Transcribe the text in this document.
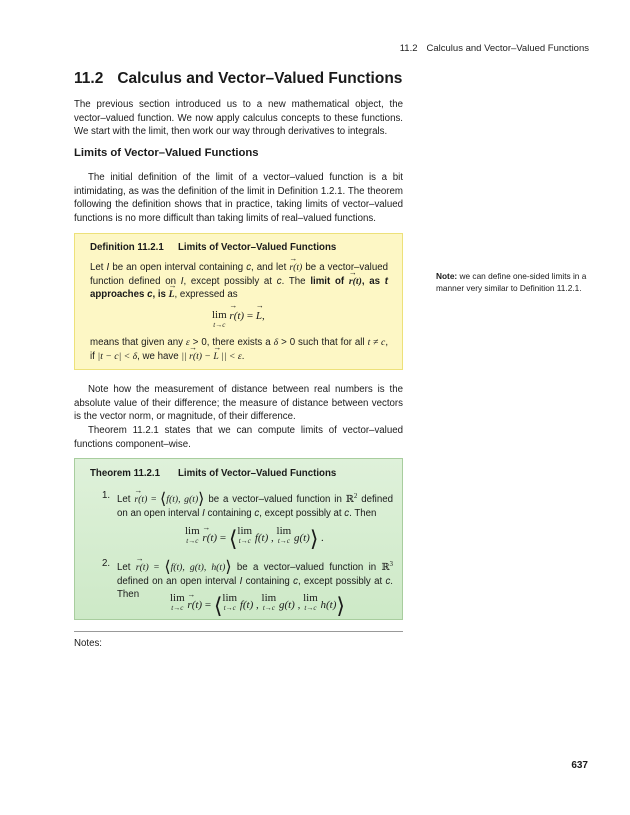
11.2 Calculus and Vector–Valued Functions
11.2 Calculus and Vector–Valued Functions

The previous section introduced us to a new mathematical object, the vector–valued function. We now apply calculus concepts to these functions. We start with the limit, then work our way through derivatives to integrals.

Limits of Vector–Valued Functions

The initial definition of the limit of a vector–valued function is a bit intimidating, as was the definition of the limit in Definition 1.2.1. The theorem following the definition shows that in practice, taking limits of vector–valued functions is no more difficult than taking limits of real–valued functions.

Definition 11.2.1 Limits of Vector–Valued Functions

Let I be an open interval containing c, and let → r(t) be a vector–valued function defined on I, except possibly at c. The limit of → r(t), as t approaches c, is → L, expressed as

lim
t→c
→ r(t) = → L,

means that given any ε > 0, there exists a δ > 0 such that for all t ≠ c, if |t − c| < δ, we have || → r(t) − → L || < ε.

Note: we can define one-sided limits in a manner very similar to Definition 11.2.1.

Note how the measurement of distance between real numbers is the absolute value of their difference; the measure of distance between vectors is the vector norm, or magnitude, of their difference.

Theorem 11.2.1 states that we can compute limits of vector–valued functions component–wise.

Theorem 11.2.1 Limits of Vector–Valued Functions
1. Let → r(t) = ⟨f(t), g(t)⟩ be a vector–valued function in ℝ$^2$ defined on an open interval I containing c, except possibly at c. Then

lim
t→c → r(t) = ⟨lim
t→c f(t) , lim
t→c g(t)⟩ .
2. Let → r(t) = ⟨f(t), g(t), h(t)⟩ be a vector–valued function in ℝ$^3$ defined on an open interval I containing c, except possibly at c. Then	lim
t→c → r(t) = ⟨lim
t→c f(t) , lim
t→c g(t) , lim
t→c h(t)⟩
Notes:
637
